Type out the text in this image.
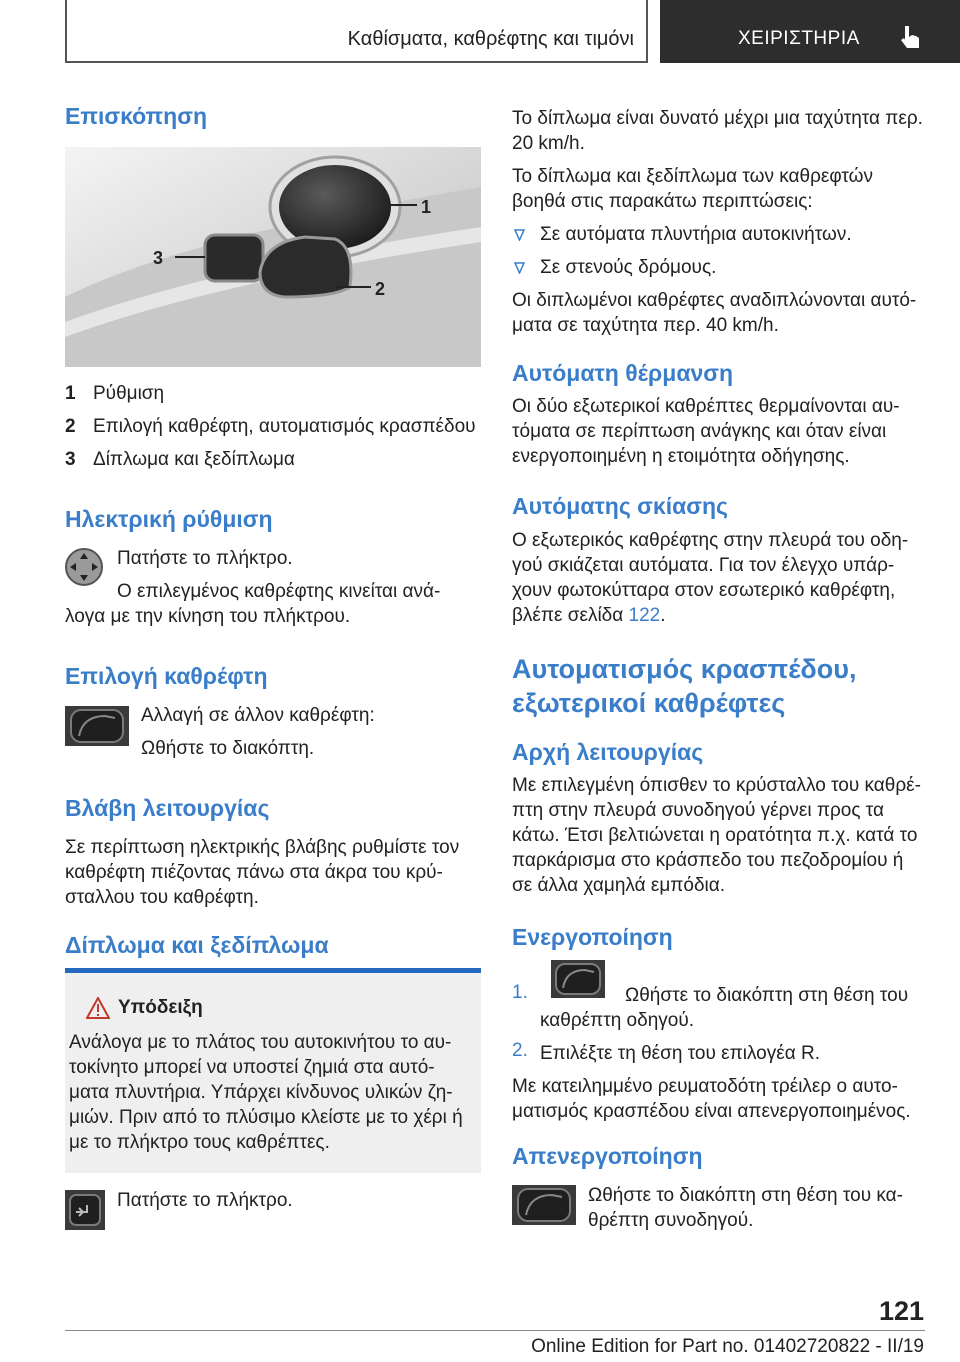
Καθίσματα, καθρέφτης και τιμόνι	ΧΕΙΡΙΣΤΗΡΙΑ
Επισκόπηση
1
2
3
1 Ρύθμιση
2 Επιλογή καθρέφτη, αυτοματισμός κρασπέδου
3 Δίπλωμα και ξεδίπλωμα
Ηλεκτρική ρύθμιση

Πατήστε το πλήκτρο.

Ο επιλεγμένος καθρέφτης κινείται ανά-

λογα με την κίνηση του πλήκτρου.

Επιλογή καθρέφτη

Αλλαγή σε άλλον καθρέφτη:

Ωθήστε το διακόπτη.

Βλάβη λειτουργίας

Σε περίπτωση ηλεκτρικής βλάβης ρυθμίστε τον

καθρέφτη πιέζοντας πάνω στα άκρα του κρύ-

σταλλου του καθρέφτη.

Δίπλωμα και ξεδίπλωμα
Υπόδειξη

Ανάλογα με το πλάτος του αυτοκινήτου το αυ-

τοκίνητο μπορεί να υποστεί ζημιά στα αυτό-

ματα πλυντήρια. Υπάρχει κίνδυνος υλικών ζη-

μιών. Πριν από το πλύσιμο κλείστε με το χέρι ή

με το πλήκτρο τους καθρέπτες.

Πατήστε το πλήκτρο.

Το δίπλωμα είναι δυνατό μέχρι μια ταχύτητα περ.

20 km/h.

Το δίπλωμα και ξεδίπλωμα των καθρεφτών

βοηθά στις παρακάτω περιπτώσεις:

Σε αυτόματα πλυντήρια αυτοκινήτων.

Σε στενούς δρόμους.

Οι διπλωμένοι καθρέφτες αναδιπλώνονται αυτό-

ματα σε ταχύτητα περ. 40 km/h.

Αυτόματη θέρμανση

Οι δύο εξωτερικοί καθρέπτες θερμαίνονται αυ-

τόματα σε περίπτωση ανάγκης και όταν είναι

ενεργοποιημένη η ετοιμότητα οδήγησης.

Αυτόματης σκίασης

Ο εξωτερικός καθρέφτης στην πλευρά του οδη-

γού σκιάζεται αυτόματα. Για τον έλεγχο υπάρ-

χουν φωτοκύτταρα στον εσωτερικό καθρέφτη,

βλέπε σελίδα 122.

Αυτοματισμός κρασπέδου,
εξωτερικοί καθρέφτες
Αρχή λειτουργίας

Με επιλεγμένη όπισθεν το κρύσταλλο του καθρέ-

πτη στην πλευρά συνοδηγού γέρνει προς τα

κάτω. Έτσι βελτιώνεται η ορατότητα π.χ. κατά το

παρκάρισμα στο κράσπεδο του πεζοδρομίου ή

σε άλλα χαμηλά εμπόδια.

Ενεργοποίηση
1.	Ωθήστε το διακόπτη στη θέση του

καθρέπτη οδηγού.

2. Επιλέξτε τη θέση του επιλογέα R.

Με κατειλημμένο ρευματοδότη τρέιλερ ο αυτο-

ματισμός κρασπέδου είναι απενεργοποιημένος.

Απενεργοποίηση

Ωθήστε το διακόπτη στη θέση του κα-

θρέπτη συνοδηγού.

121
Online Edition for Part no. 01402720822 - II/19
